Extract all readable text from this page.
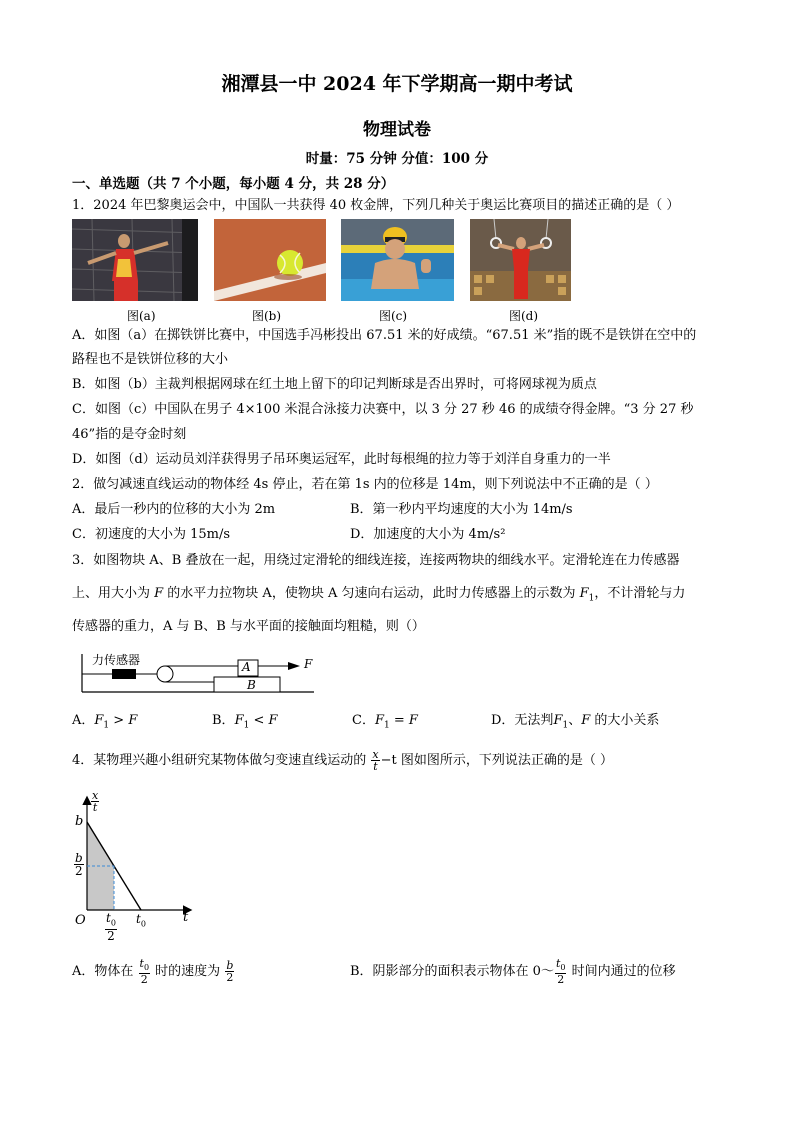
湘潭县一中 2024 年下学期高一期中考试
物理试卷
时量：75 分钟 分值：100 分
一、单选题（共 7 个小题，每小题 4 分，共 28 分）
1．2024 年巴黎奥运会中，中国队一共获得 40 枚金牌，下列几种关于奥运比赛项目的描述正确的是（ ）
图(a)	图(b)	图(c)	图(d)
A．如图（a）在掷铁饼比赛中，中国选手冯彬投出 67.51 米的好成绩。“67.51 米”指的既不是铁饼在空中的
路程也不是铁饼位移的大小
B．如图（b）主裁判根据网球在红土地上留下的印记判断球是否出界时，可将网球视为质点
C．如图（c）中国队在男子 4×100 米混合泳接力决赛中，以 3 分 27 秒 46 的成绩夺得金牌。“3 分 27 秒
46”指的是夺金时刻
D．如图（d）运动员刘洋获得男子吊环奥运冠军，此时每根绳的拉力等于刘洋自身重力的一半
2．做匀减速直线运动的物体经 4s 停止，若在第 1s 内的位移是 14m，则下列说法中不正确的是（ ）
A．最后一秒内的位移的大小为 2m	B．第一秒内平均速度的大小为 14m/s
C．初速度的大小为 15m/s	D．加速度的大小为 4m/s²
3．如图物块 A、B 叠放在一起，用绕过定滑轮的细线连接，连接两物块的细线水平。定滑轮连在力传感器
上、用大小为 F 的水平力拉物块 A，使物块 A 匀速向右运动，此时力传感器上的示数为 $F_1$，不计滑轮与力
传感器的重力，A 与 B、B 与水平面的接触面均粗糙，则（）
力传感器	A
B
F
A．$F_1 > F$	B．$F_1 < F$	C．$F_1 = F$	D．无法判$F_1$、F 的大小关系
4．某物理兴趣小组研究某物体做匀变速直线运动的 $\frac{x}{t} -t$ 图如图所示，下列说法正确的是（ ）
$\frac{x}{t}$
b
$\frac{b}{2}$
O $\frac{t_0}{2} t_0$	t
A．物体在 $\frac{t_0}{2}$ 时的速度为 $\frac{b}{2}$	B．阴影部分的面积表示物体在 0～ $\frac{t_0}{2}$ 时间内通过的位移
